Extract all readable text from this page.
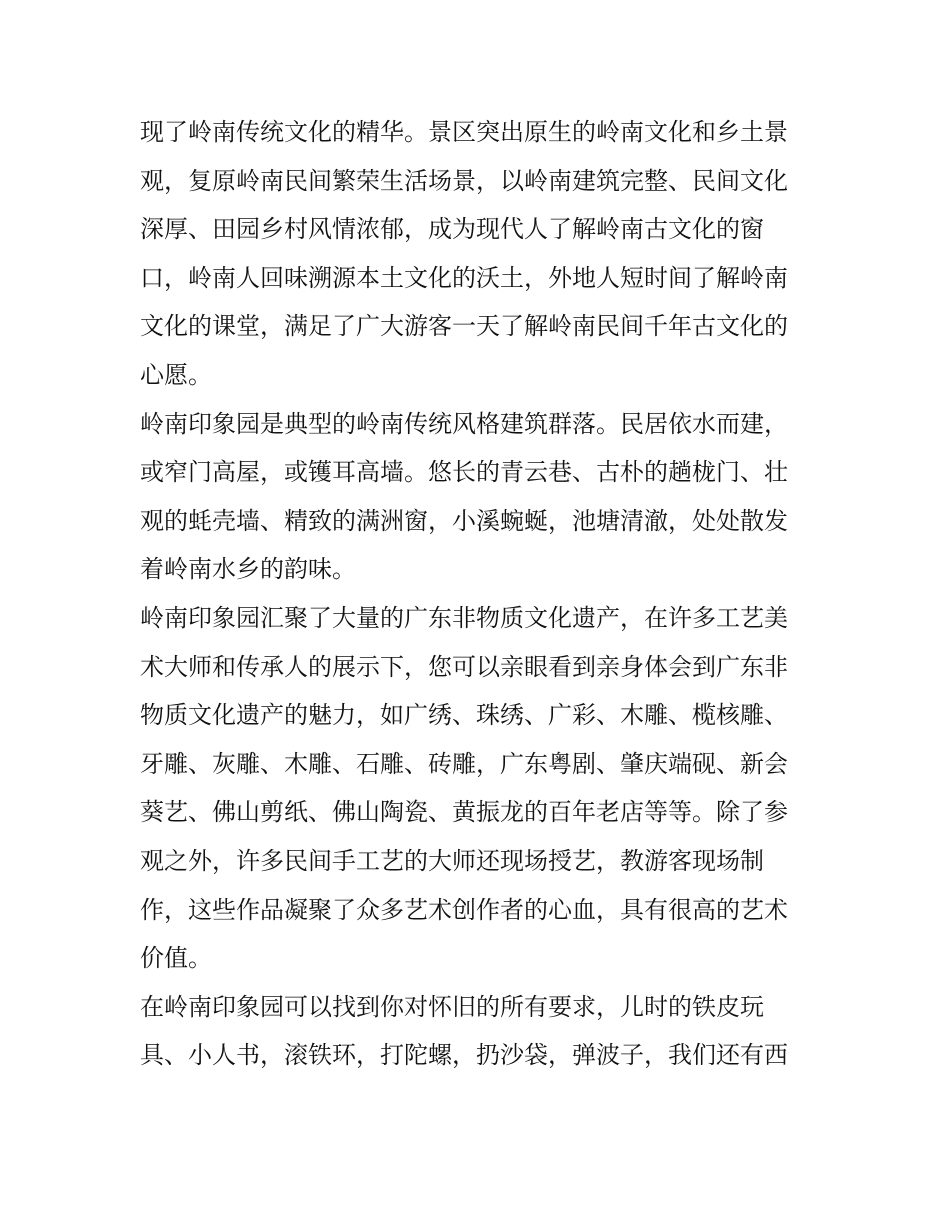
现了岭南传统文化的精华。景区突出原生的岭南文化和乡土景
观，复原岭南民间繁荣生活场景，以岭南建筑完整、民间文化
深厚、田园乡村风情浓郁，成为现代人了解岭南古文化的窗
口，岭南人回味溯源本土文化的沃土，外地人短时间了解岭南
文化的课堂，满足了广大游客一天了解岭南民间千年古文化的
心愿。
岭南印象园是典型的岭南传统风格建筑群落。民居依水而建，
或窄门高屋，或镬耳高墙。悠长的青云巷、古朴的趟栊门、壮
观的蚝壳墙、精致的满洲窗，小溪蜿蜒，池塘清澈，处处散发
着岭南水乡的韵味。
岭南印象园汇聚了大量的广东非物质文化遗产，在许多工艺美
术大师和传承人的展示下，您可以亲眼看到亲身体会到广东非
物质文化遗产的魅力，如广绣、珠绣、广彩、木雕、榄核雕、
牙雕、灰雕、木雕、石雕、砖雕，广东粤剧、肇庆端砚、新会
葵艺、佛山剪纸、佛山陶瓷、黄振龙的百年老店等等。除了参
观之外，许多民间手工艺的大师还现场授艺，教游客现场制
作，这些作品凝聚了众多艺术创作者的心血，具有很高的艺术
价值。
在岭南印象园可以找到你对怀旧的所有要求，儿时的铁皮玩
具、小人书，滚铁环，打陀螺，扔沙袋，弹波子，我们还有西
